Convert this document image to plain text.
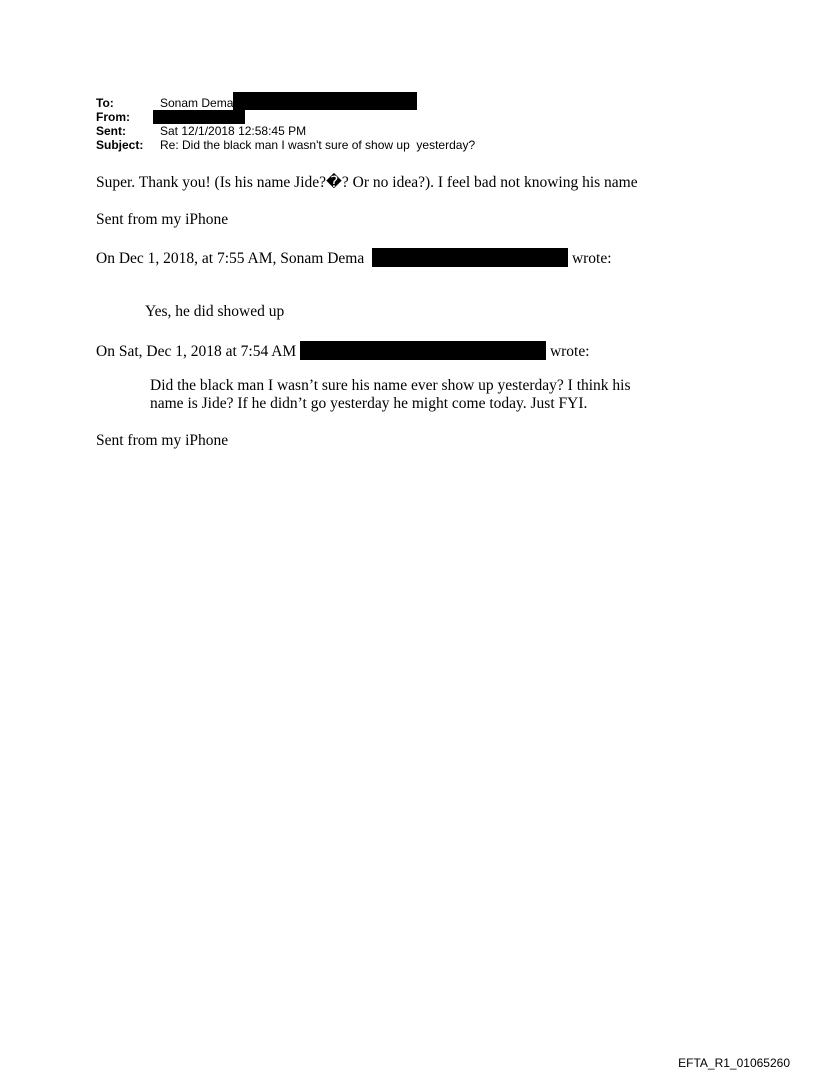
To:	Sonam Dema
From:
Sent:	Sat 12/1/2018 12:58:45 PM
Subject:	Re: Did the black man I wasn't sure of show up  yesterday?
Super. Thank you! (Is his name Jide?�? Or no idea?). I feel bad not knowing his name
Sent from my iPhone
On Dec 1, 2018, at 7:55 AM, Sonam Dema	wrote:
Yes, he did showed up
On Sat, Dec 1, 2018 at 7:54 AM	wrote:
Did the black man I wasn’t sure his name ever show up yesterday? I think his
name is Jide? If he didn’t go yesterday he might come today. Just FYI.
Sent from my iPhone
EFTA_R1_01065260
